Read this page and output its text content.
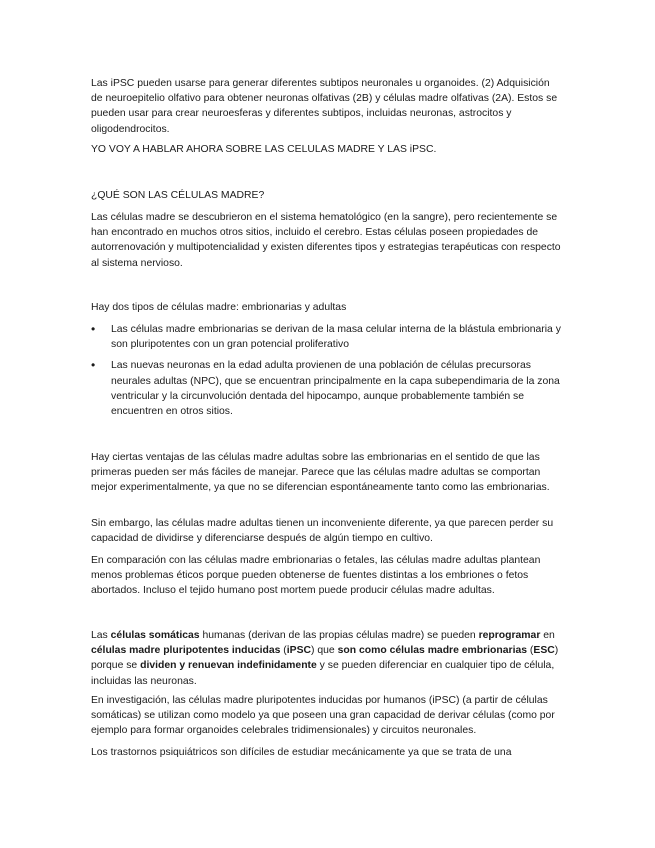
Las iPSC pueden usarse para generar diferentes subtipos neuronales u organoides. (2) Adquisición de neuroepitelio olfativo para obtener neuronas olfativas (2B) y células madre olfativas (2A). Estos se pueden usar para crear neuroesferas y diferentes subtipos, incluidas neuronas, astrocitos y oligodendrocitos.

YO VOY A HABLAR AHORA SOBRE LAS CELULAS MADRE Y LAS iPSC.

¿QUÉ SON LAS CÉLULAS MADRE?

Las células madre se descubrieron en el sistema hematológico (en la sangre), pero recientemente se han encontrado en muchos otros sitios, incluido el cerebro. Estas células poseen propiedades de autorrenovación y multipotencialidad y existen diferentes tipos y estrategias terapéuticas con respecto al sistema nervioso.

Hay dos tipos de células madre: embrionarias y adultas

• Las células madre embrionarias se derivan de la masa celular interna de la blástula embrionaria y son pluripotentes con un gran potencial proliferativo
• Las nuevas neuronas en la edad adulta provienen de una población de células precursoras neurales adultas (NPC), que se encuentran principalmente en la capa subependimaria de la zona ventricular y la circunvolución dentada del hipocampo, aunque probablemente también se encuentren en otros sitios.

Hay ciertas ventajas de las células madre adultas sobre las embrionarias en el sentido de que las primeras pueden ser más fáciles de manejar. Parece que las células madre adultas se comportan mejor experimentalmente, ya que no se diferencian espontáneamente tanto como las embrionarias.

Sin embargo, las células madre adultas tienen un inconveniente diferente, ya que parecen perder su capacidad de dividirse y diferenciarse después de algún tiempo en cultivo.

En comparación con las células madre embrionarias o fetales, las células madre adultas plantean menos problemas éticos porque pueden obtenerse de fuentes distintas a los embriones o fetos abortados. Incluso el tejido humano post mortem puede producir células madre adultas.

Las células somáticas humanas (derivan de las propias células madre) se pueden reprogramar en células madre pluripotentes inducidas (iPSC) que son como células madre embrionarias (ESC) porque se dividen y renuevan indefinidamente y se pueden diferenciar en cualquier tipo de célula, incluidas las neuronas.

En investigación, las células madre pluripotentes inducidas por humanos (iPSC) (a partir de células somáticas) se utilizan como modelo ya que poseen una gran capacidad de derivar células (como por ejemplo para formar organoides celebrales tridimensionales) y circuitos neuronales.

Los trastornos psiquiátricos son difíciles de estudiar mecánicamente ya que se trata de una
